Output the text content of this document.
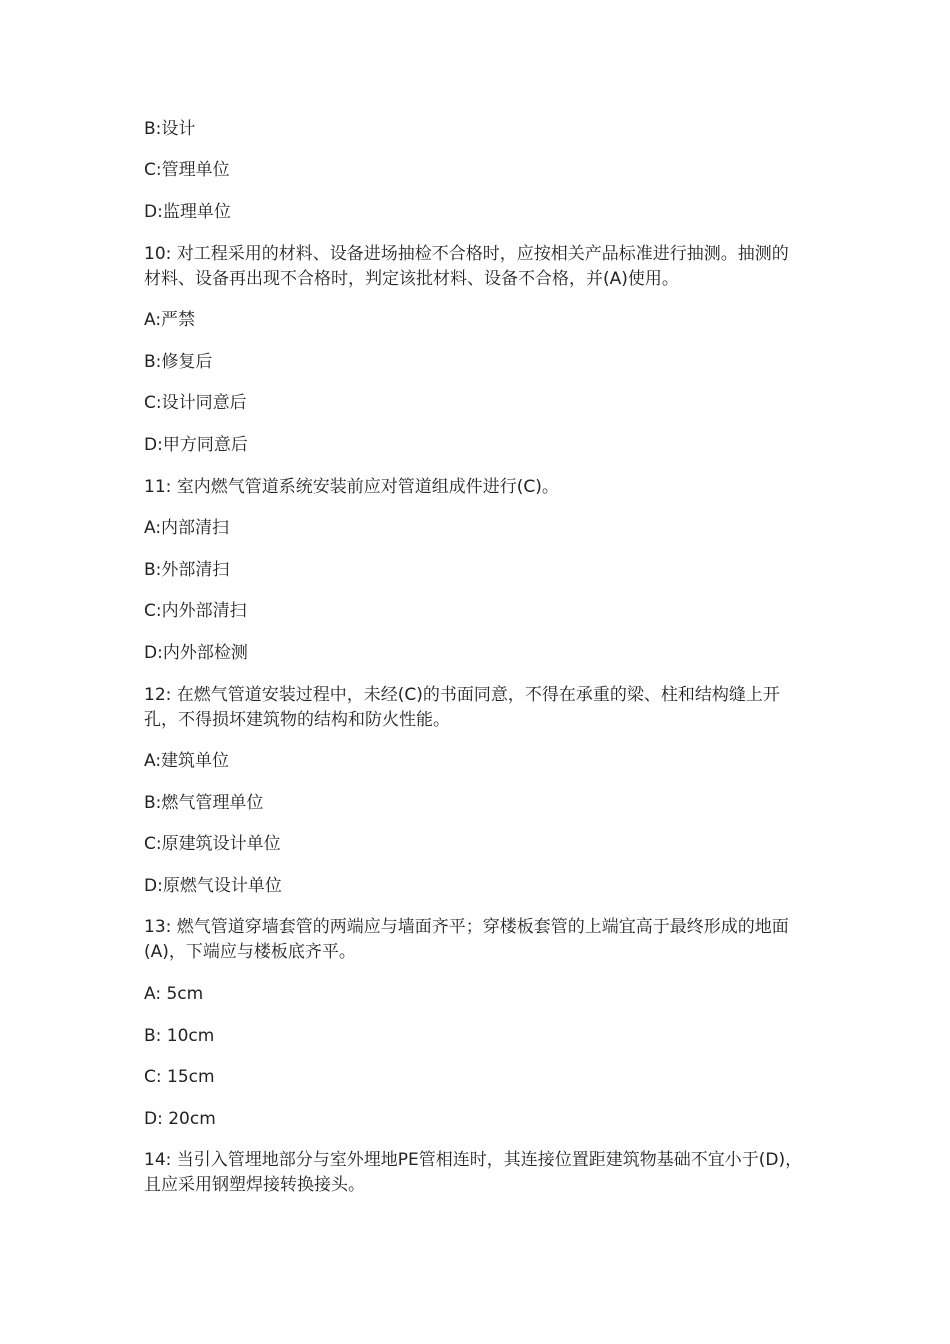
B:设计
C:管理单位
D:监理单位
10: 对工程采用的材料、设备进场抽检不合格时，应按相关产品标准进行抽测。抽测的材料、设备再出现不合格时，判定该批材料、设备不合格，并(A)使用。
A:严禁
B:修复后
C:设计同意后
D:甲方同意后
11: 室内燃气管道系统安装前应对管道组成件进行(C)。
A:内部清扫
B:外部清扫
C:内外部清扫
D:内外部检测
12: 在燃气管道安装过程中，未经(C)的书面同意，不得在承重的梁、柱和结构缝上开孔，不得损坏建筑物的结构和防火性能。
A:建筑单位
B:燃气管理单位
C:原建筑设计单位
D:原燃气设计单位
13: 燃气管道穿墙套管的两端应与墙面齐平；穿楼板套管的上端宜高于最终形成的地面(A)，下端应与楼板底齐平。
A: 5cm
B: 10cm
C: 15cm
D: 20cm
14: 当引入管埋地部分与室外埋地PE管相连时，其连接位置距建筑物基础不宜小于(D)，且应采用钢塑焊接转换接头。
